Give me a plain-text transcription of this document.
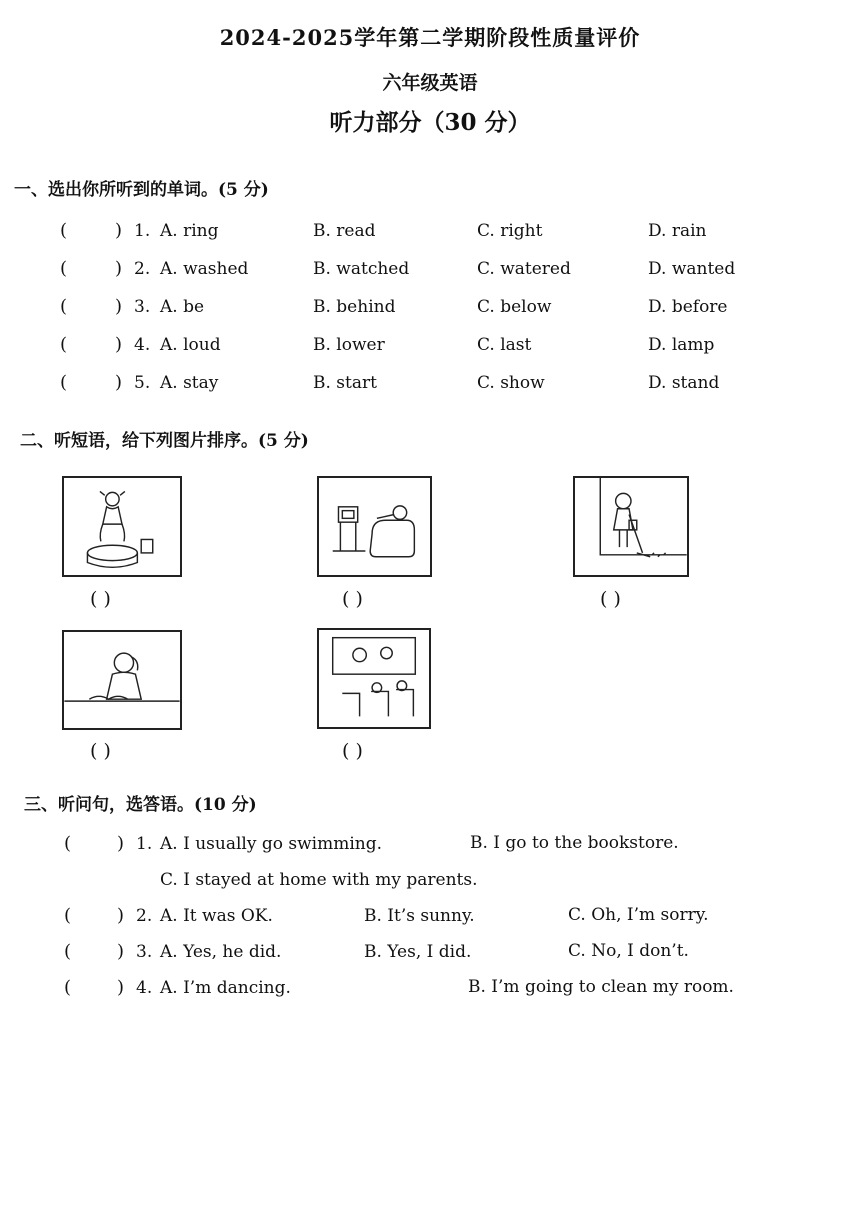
2024-2025学年第二学期阶段性质量评价
六年级英语
听力部分（30 分）
一、选出你所听到的单词。(5 分)
(	) 1. A. ring	B. read	C. right	D. rain
(	) 2. A. washed	B. watched	C. watered	D. wanted
(	) 3. A. be	B. behind	C. below	D. before
(	) 4. A. loud	B. lower	C. last	D. lamp
(	) 5. A. stay	B. start	C. show	D. stand
二、听短语，给下列图片排序。(5 分)
( )	( )	( )
( )	( )
三、听问句，选答语。(10 分)
(	) 1. A. I usually go swimming.	B. I go to the bookstore.
C. I stayed at home with my parents.
(	) 2. A. It was OK.	B. It’s sunny.	C. Oh, I’m sorry.
(	) 3. A. Yes, he did.	B. Yes, I did.	C. No, I don’t.
(	) 4. A. I’m dancing.	B. I’m going to clean my room.
